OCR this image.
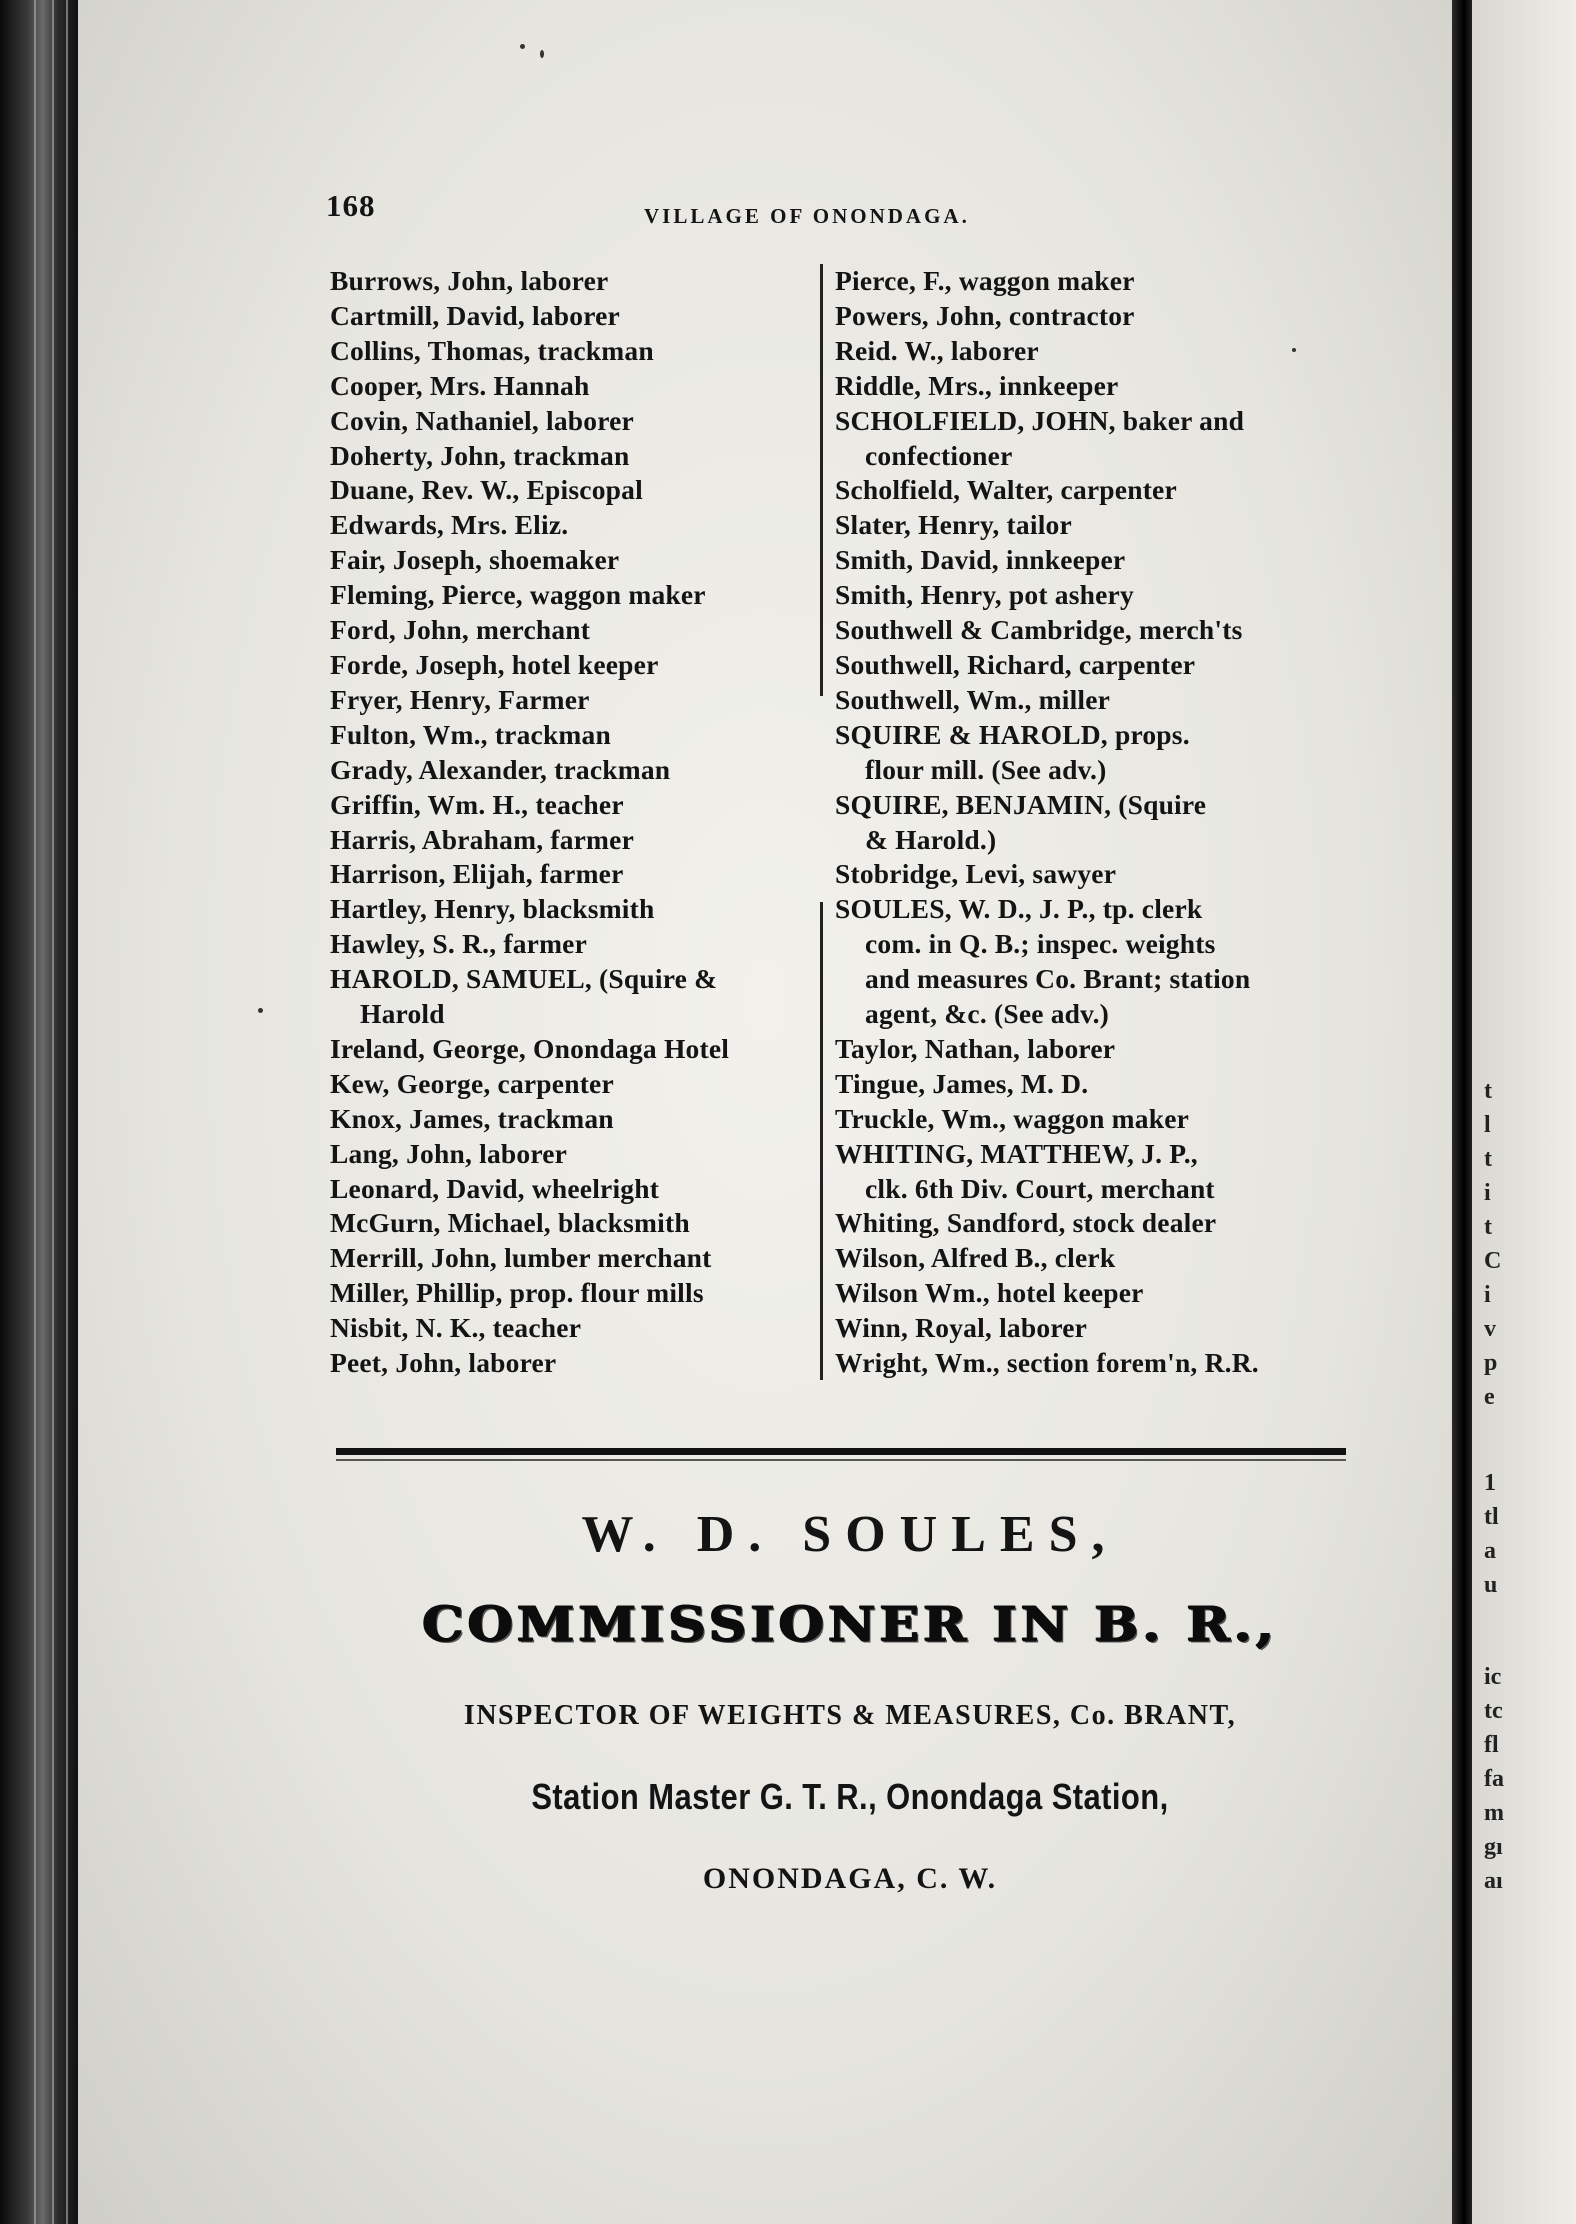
168	VILLAGE OF ONONDAGA.
Burrows, John, laborer
Cartmill, David, laborer
Collins, Thomas, trackman
Cooper, Mrs. Hannah
Covin, Nathaniel, laborer
Doherty, John, trackman
Duane, Rev. W., Episcopal
Edwards, Mrs. Eliz.
Fair, Joseph, shoemaker
Fleming, Pierce, waggon maker
Ford, John, merchant
Forde, Joseph, hotel keeper
Fryer, Henry, Farmer
Fulton, Wm., trackman
Grady, Alexander, trackman
Griffin, Wm. H., teacher
Harris, Abraham, farmer
Harrison, Elijah, farmer
Hartley, Henry, blacksmith
Hawley, S. R., farmer
HAROLD, SAMUEL, (Squire &
Harold
Ireland, George, Onondaga Hotel
Kew, George, carpenter
Knox, James, trackman
Lang, John, laborer
Leonard, David, wheelright
McGurn, Michael, blacksmith
Merrill, John, lumber merchant
Miller, Phillip, prop. flour mills
Nisbit, N. K., teacher
Peet, John, laborer
Pierce, F., waggon maker
Powers, John, contractor
Reid. W., laborer
Riddle, Mrs., innkeeper
SCHOLFIELD, JOHN, baker and
confectioner
Scholfield, Walter, carpenter
Slater, Henry, tailor
Smith, David, innkeeper
Smith, Henry, pot ashery
Southwell & Cambridge, merch'ts
Southwell, Richard, carpenter
Southwell, Wm., miller
SQUIRE & HAROLD, props.
flour mill. (See adv.)
SQUIRE, BENJAMIN, (Squire
& Harold.)
Stobridge, Levi, sawyer
SOULES, W. D., J. P., tp. clerk
com. in Q. B.; inspec. weights
and measures Co. Brant; station
agent, &c. (See adv.)
Taylor, Nathan, laborer
Tingue, James, M. D.
Truckle, Wm., waggon maker
WHITING, MATTHEW, J. P.,
clk. 6th Div. Court, merchant
Whiting, Sandford, stock dealer
Wilson, Alfred B., clerk
Wilson Wm., hotel keeper
Winn, Royal, laborer
Wright, Wm., section forem'n, R.R.
W. D. SOULES,
COMMISSIONER IN B. R.,
INSPECTOR OF WEIGHTS & MEASURES, Co. BRANT,
Station Master G. T. R., Onondaga Station,
ONONDAGA, C. W.
t
l
t
i
t
C
i
v
p
e
1
tl
a
u
ic
tc
fl
fa
m
gı
aı
